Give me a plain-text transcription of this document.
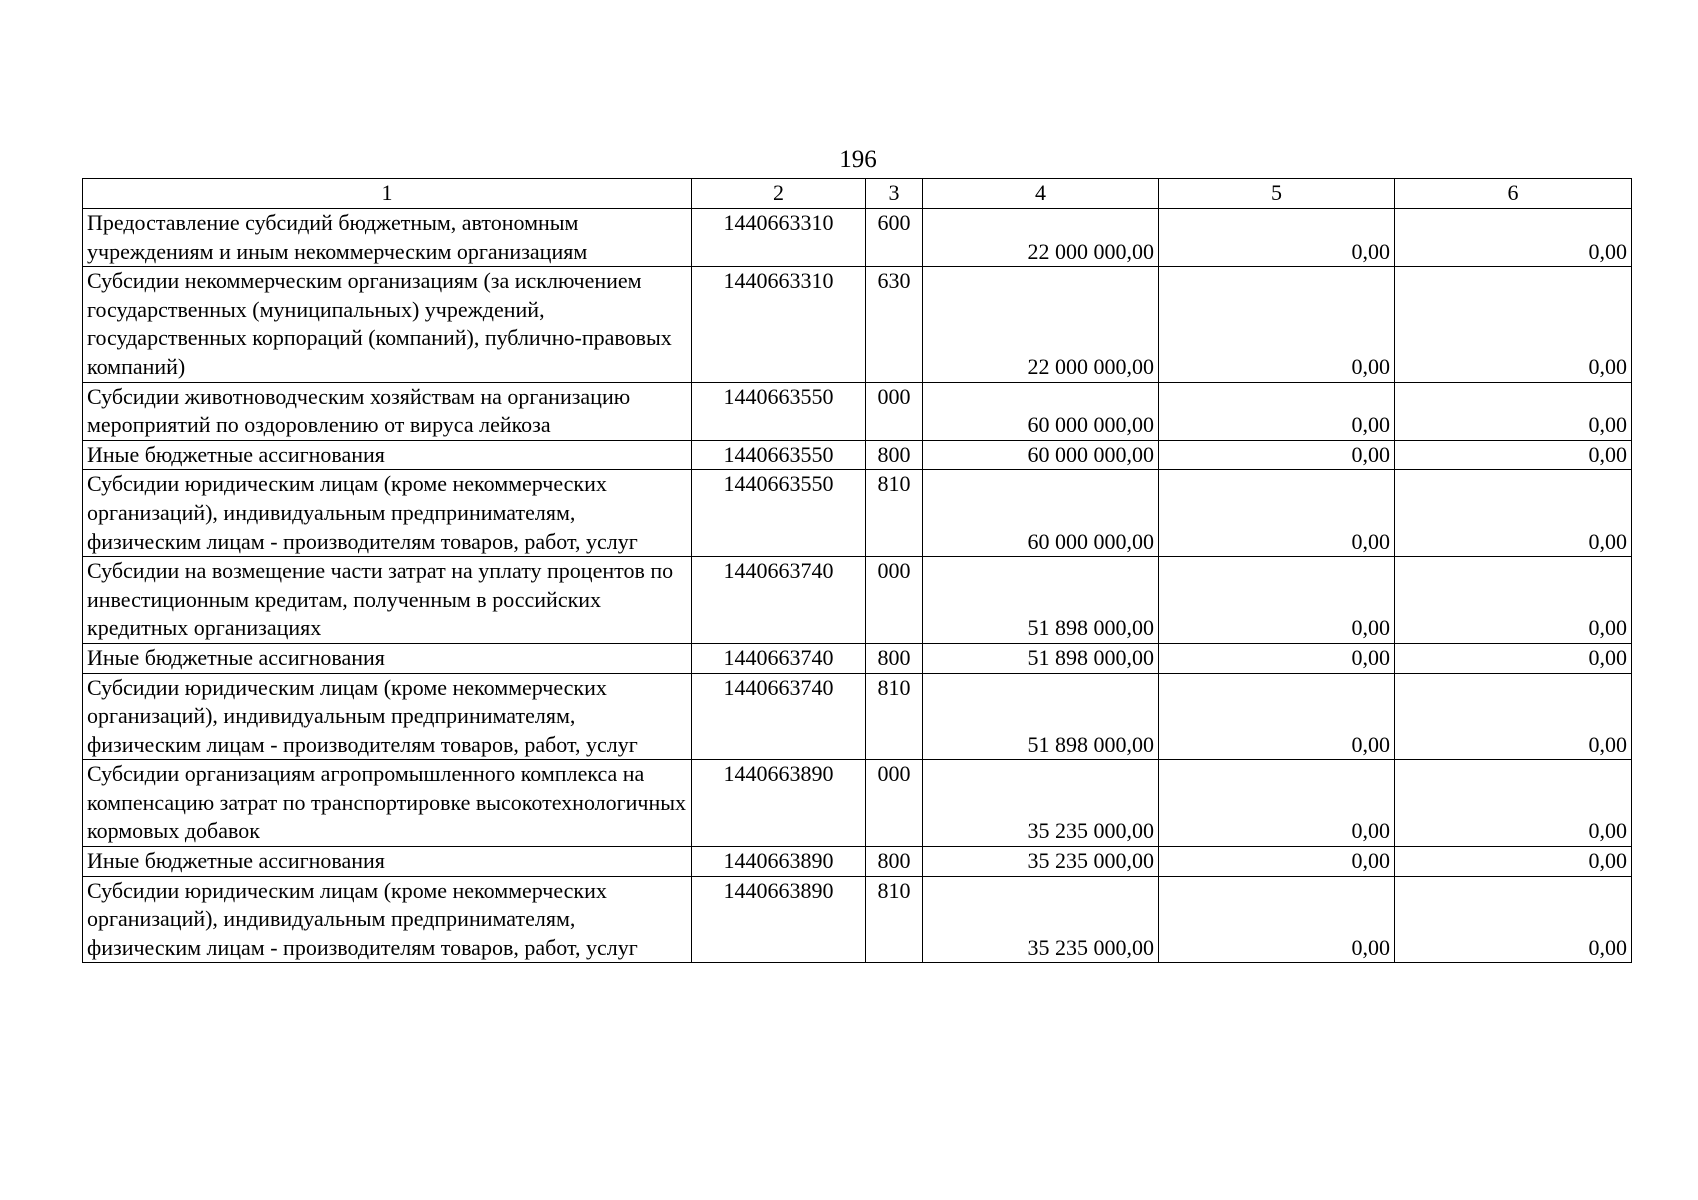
196
1	2	3	4	5	6
Предоставление субсидий бюджетным, автономным учреждениям и иным некоммерческим организациям	1440663310	600	22 000 000,00	0,00	0,00
Субсидии некоммерческим организациям (за исключением государственных (муниципальных) учреждений, государственных корпораций (компаний), публично-правовых компаний)	1440663310	630	22 000 000,00	0,00	0,00
Субсидии животноводческим хозяйствам на организацию мероприятий по оздоровлению от вируса лейкоза	1440663550	000	60 000 000,00	0,00	0,00
Иные бюджетные ассигнования	1440663550	800	60 000 000,00	0,00	0,00
Субсидии юридическим лицам (кроме некоммерческих организаций), индивидуальным предпринимателям, физическим лицам - производителям товаров, работ, услуг	1440663550	810	60 000 000,00	0,00	0,00
Субсидии на возмещение части затрат на уплату процентов по инвестиционным кредитам, полученным в российских кредитных организациях	1440663740	000	51 898 000,00	0,00	0,00
Иные бюджетные ассигнования	1440663740	800	51 898 000,00	0,00	0,00
Субсидии юридическим лицам (кроме некоммерческих организаций), индивидуальным предпринимателям, физическим лицам - производителям товаров, работ, услуг	1440663740	810	51 898 000,00	0,00	0,00
Субсидии организациям агропромышленного комплекса на компенсацию затрат по транспортировке высокотехнологичных кормовых добавок	1440663890	000	35 235 000,00	0,00	0,00
Иные бюджетные ассигнования	1440663890	800	35 235 000,00	0,00	0,00
Субсидии юридическим лицам (кроме некоммерческих организаций), индивидуальным предпринимателям, физическим лицам - производителям товаров, работ, услуг	1440663890	810	35 235 000,00	0,00	0,00
